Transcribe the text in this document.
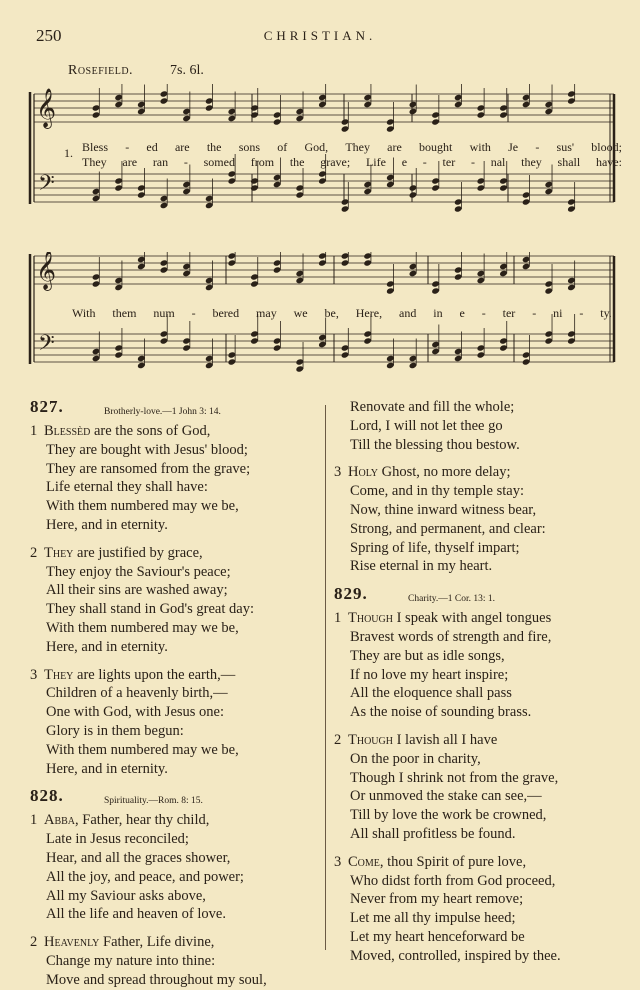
250	CHRISTIAN.
Rosefield.	7s. 6l.
𝄞
𝄢
1. Bless - ed are the sons of God, They are bought with Je - sus' blood;
They are ran - somed from the grave; Life e - ter - nal they shall have:
𝄞
𝄢
With them num - bered may we be, Here, and in e - ter - ni - ty.
827.	Brotherly-love.—1 John 3: 14.
1 Blessèd are the sons of God,
They are bought with Jesus' blood;
They are ransomed from the grave;
Life eternal they shall have:
With them numbered may we be,
Here, and in eternity.
2 They are justified by grace,
They enjoy the Saviour's peace;
All their sins are washed away;
They shall stand in God's great day:
With them numbered may we be,
Here, and in eternity.
3 They are lights upon the earth,—
Children of a heavenly birth,—
One with God, with Jesus one:
Glory is in them begun:
With them numbered may we be,
Here, and in eternity.
828.	Spirituality.—Rom. 8: 15.
1 Abba, Father, hear thy child,
Late in Jesus reconciled;
Hear, and all the graces shower,
All the joy, and peace, and power;
All my Saviour asks above,
All the life and heaven of love.
2 Heavenly Father, Life divine,
Change my nature into thine:
Move and spread throughout my soul,
Renovate and fill the whole;
Lord, I will not let thee go
Till the blessing thou bestow.
3 Holy Ghost, no more delay;
Come, and in thy temple stay:
Now, thine inward witness bear,
Strong, and permanent, and clear:
Spring of life, thyself impart;
Rise eternal in my heart.
829.	Charity.—1 Cor. 13: 1.
1 Though I speak with angel tongues
Bravest words of strength and fire,
They are but as idle songs,
If no love my heart inspire;
All the eloquence shall pass
As the noise of sounding brass.
2 Though I lavish all I have
On the poor in charity,
Though I shrink not from the grave,
Or unmoved the stake can see,—
Till by love the work be crowned,
All shall profitless be found.
3 Come, thou Spirit of pure love,
Who didst forth from God proceed,
Never from my heart remove;
Let me all thy impulse heed;
Let my heart henceforward be
Moved, controlled, inspired by thee.
